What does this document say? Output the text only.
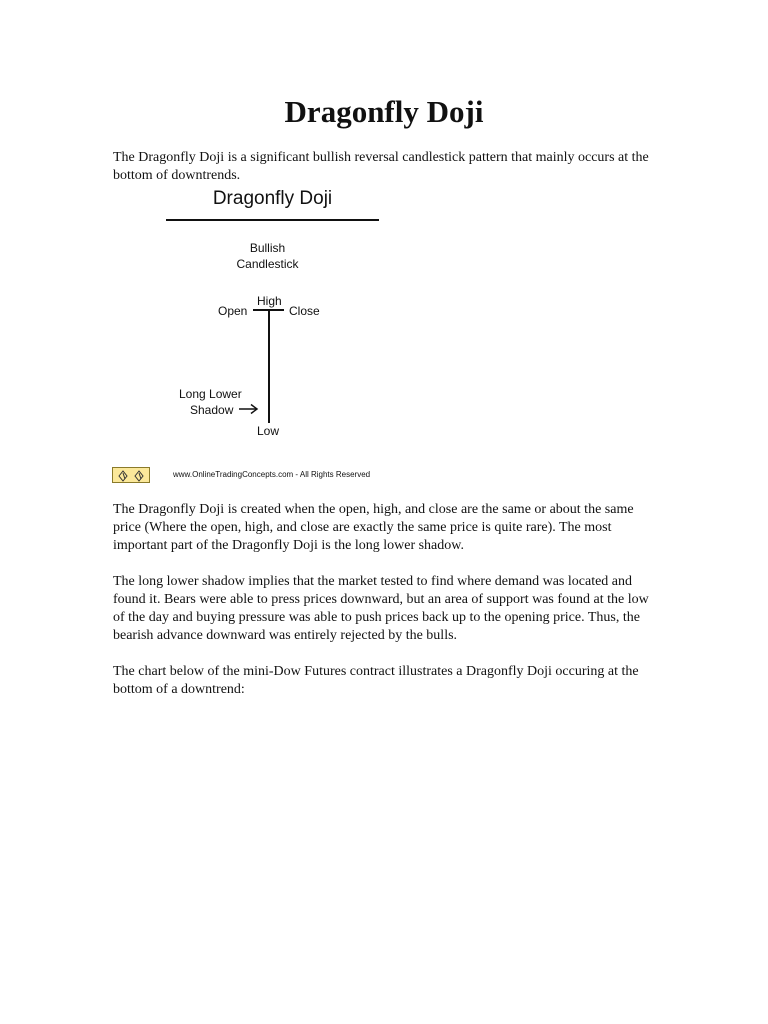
Dragonfly Doji

The Dragonfly Doji is a significant bullish reversal candlestick pattern that mainly occurs at the bottom of downtrends.

Dragonfly Doji
Bullish
Candlestick
High
Open	Close
Long Lower
Shadow
Low
www.OnlineTradingConcepts.com - All Rights Reserved

The Dragonfly Doji is created when the open, high, and close are the same or about the same price (Where the open, high, and close are exactly the same price is quite rare). The most important part of the Dragonfly Doji is the long lower shadow.

The long lower shadow implies that the market tested to find where demand was located and found it. Bears were able to press prices downward, but an area of support was found at the low of the day and buying pressure was able to push prices back up to the opening price. Thus, the bearish advance downward was entirely rejected by the bulls.

The chart below of the mini-Dow Futures contract illustrates a Dragonfly Doji occuring at the bottom of a downtrend:
